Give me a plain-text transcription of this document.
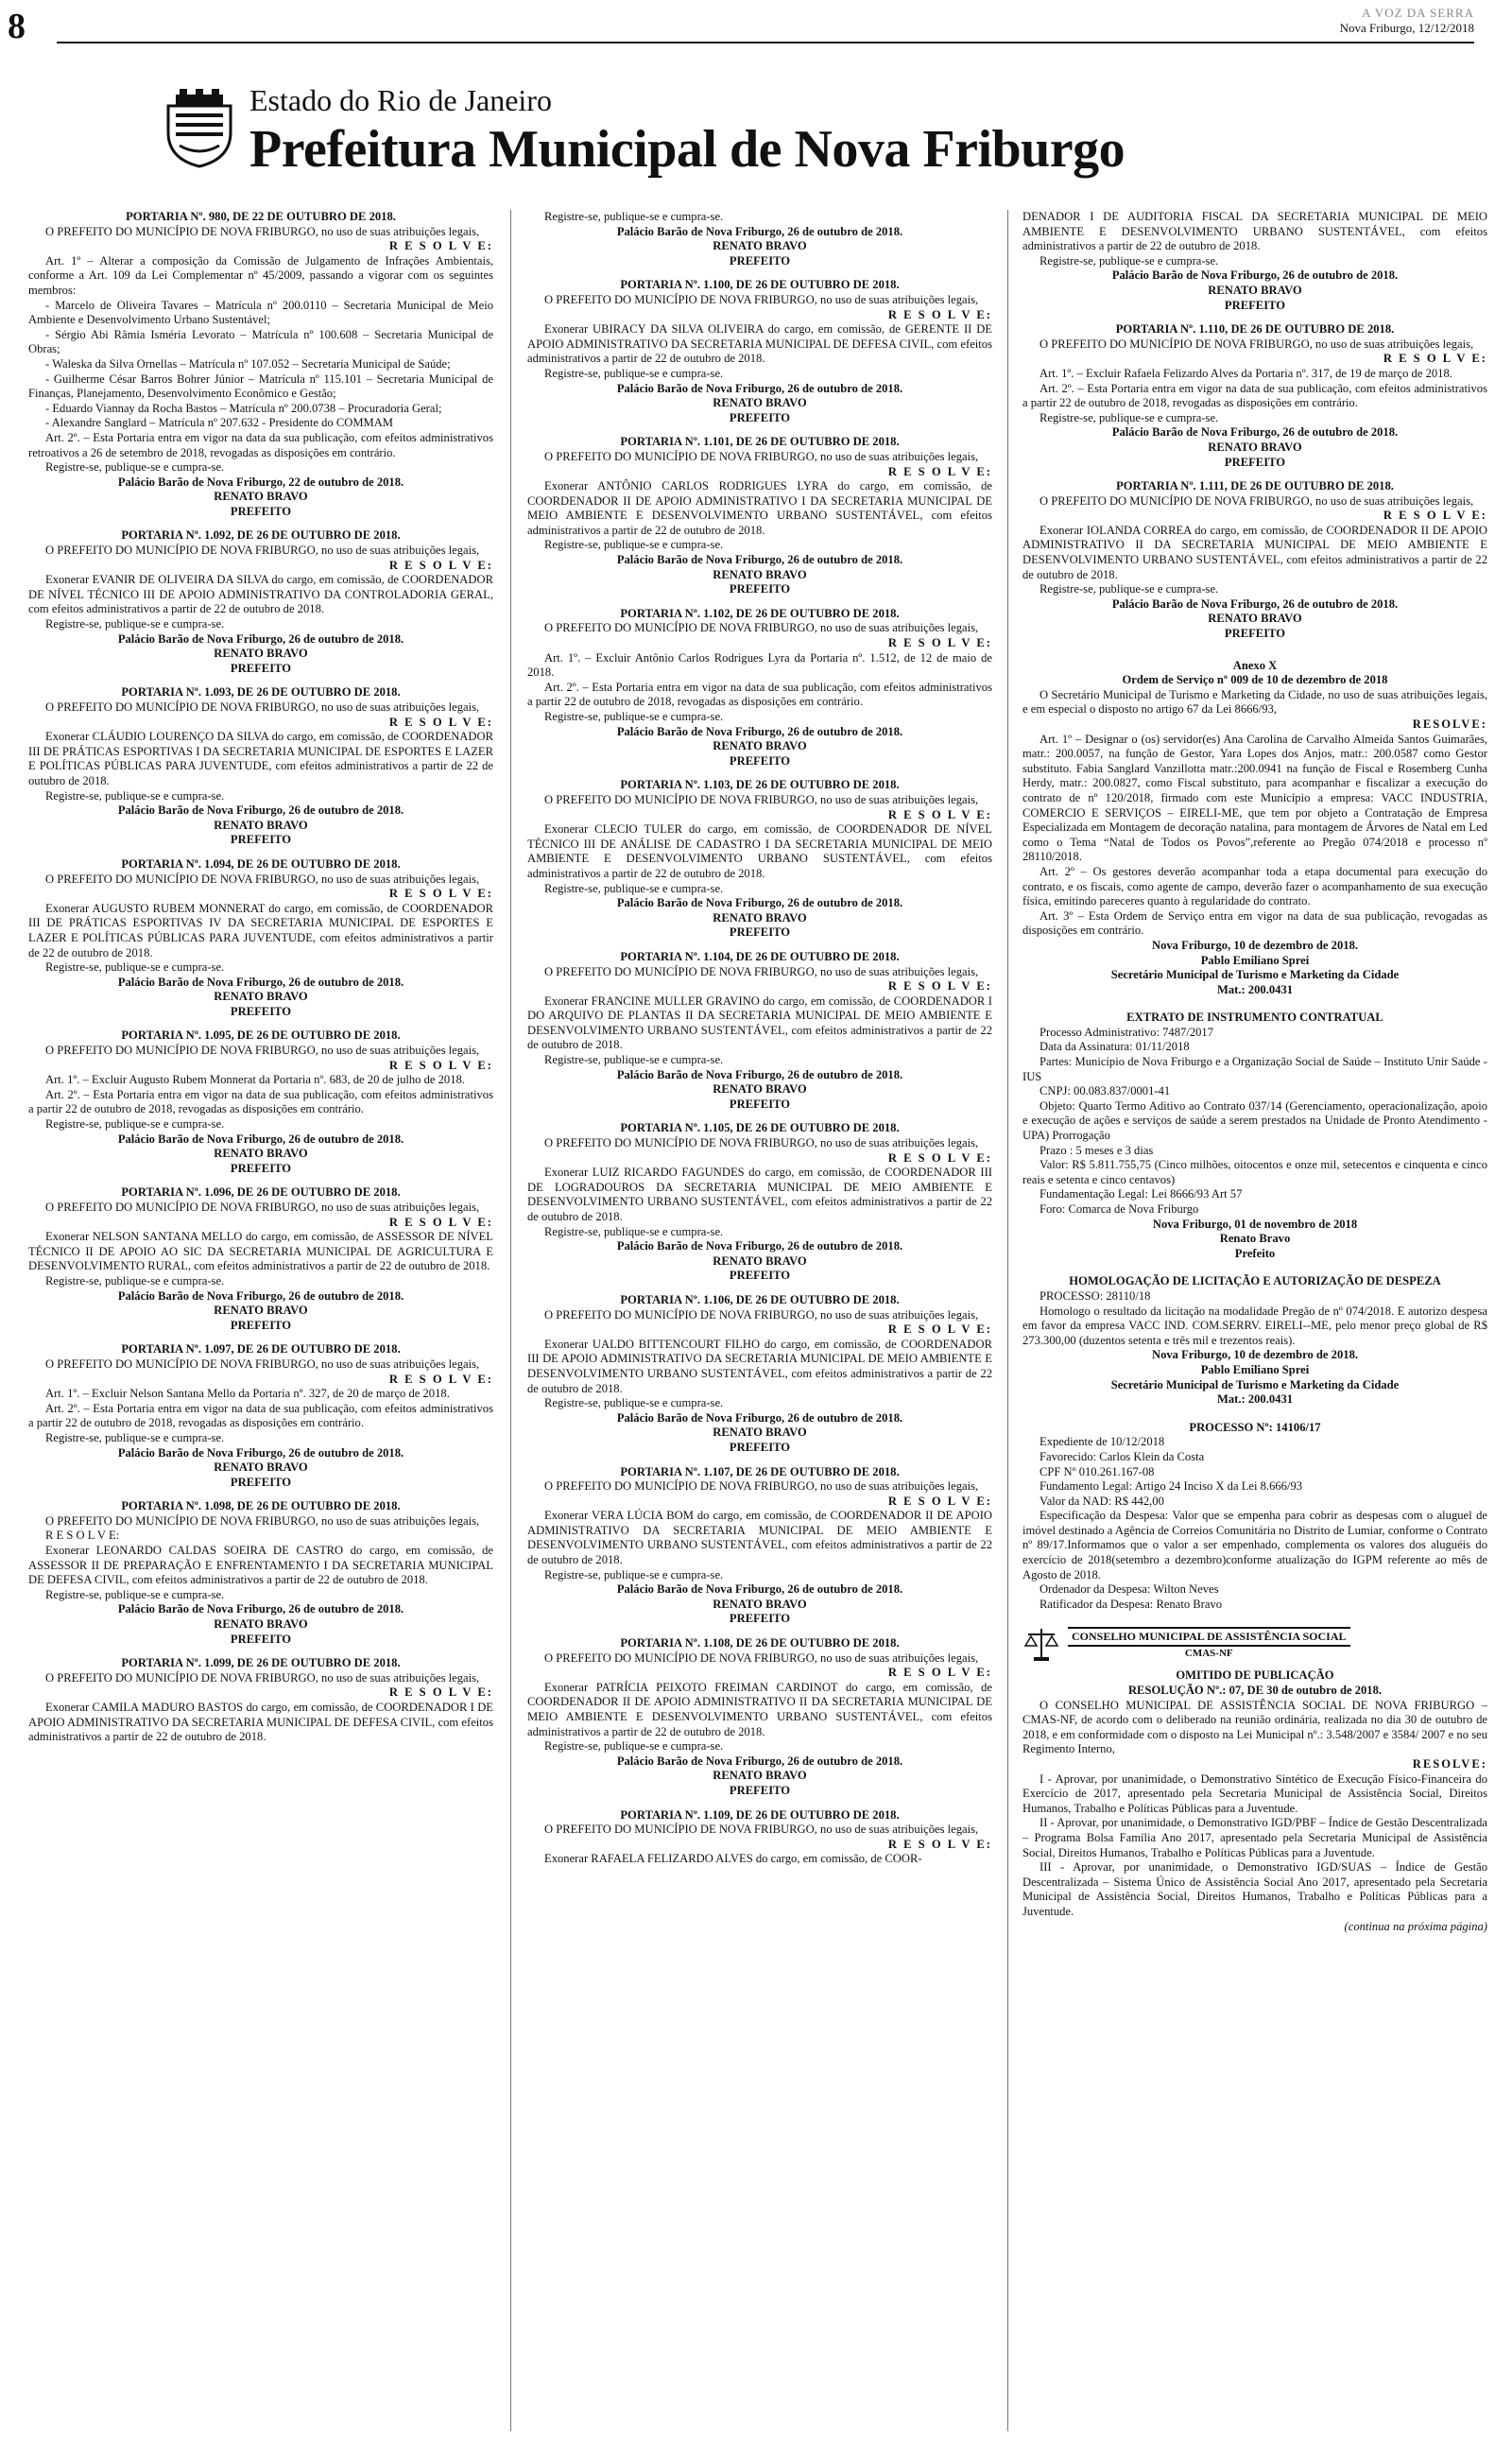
8	A VOZ DA SERRA
Nova Friburgo, 12/12/2018
Estado do Rio de Janeiro
Prefeitura Municipal de Nova Friburgo
PORTARIA Nº. 980, DE 22 DE OUTUBRO DE 2018.
O PREFEITO DO MUNICÍPIO DE NOVA FRIBURGO, no uso de suas atribuições legais,
R E S O L V E:
Art. 1º – Alterar a composição da Comissão de Julgamento de Infrações Ambientais, conforme a Art. 109 da Lei Complementar nº 45/2009, passando a vigorar com os seguintes membros:
- Marcelo de Oliveira Tavares – Matrícula nº 200.0110 – Secretaria Municipal de Meio Ambiente e Desenvolvimento Urbano Sustentável;
- Sérgio Abi Râmia Isméria Levorato – Matrícula nº 100.608 – Secretaria Municipal de Obras;
- Waleska da Silva Ornellas – Matrícula nº 107.052 – Secretaria Municipal de Saúde;
- Guilherme César Barros Bohrer Júnior – Matrícula nº 115.101 – Secretaria Municipal de Finanças, Planejamento, Desenvolvimento Econômico e Gestão;
- Eduardo Viannay da Rocha Bastos – Matrícula nº 200.0738 – Procuradoria Geral;
- Alexandre Sanglard – Matrícula nº 207.632 - Presidente do COMMAM
Art. 2º. – Esta Portaria entra em vigor na data da sua publicação, com efeitos administrativos retroativos a 26 de setembro de 2018, revogadas as disposições em contrário.
Registre-se, publique-se e cumpra-se.
Palácio Barão de Nova Friburgo, 22 de outubro de 2018.
RENATO BRAVO
PREFEITO
PORTARIA Nº. 1.092, DE 26 DE OUTUBRO DE 2018.
O PREFEITO DO MUNICÍPIO DE NOVA FRIBURGO, no uso de suas atribuições legais,
R E S O L V E:
Exonerar EVANIR DE OLIVEIRA DA SILVA do cargo, em comissão, de COORDENADOR DE NÍVEL TÉCNICO III DE APOIO ADMINISTRATIVO DA CONTROLADORIA GERAL, com efeitos administrativos a partir de 22 de outubro de 2018.
Registre-se, publique-se e cumpra-se.
Palácio Barão de Nova Friburgo, 26 de outubro de 2018.
RENATO BRAVO
PREFEITO
PORTARIA Nº. 1.093, DE 26 DE OUTUBRO DE 2018.
O PREFEITO DO MUNICÍPIO DE NOVA FRIBURGO, no uso de suas atribuições legais,
R E S O L V E:
Exonerar CLÁUDIO LOURENÇO DA SILVA do cargo, em comissão, de COORDENADOR III DE PRÁTICAS ESPORTIVAS I DA SECRETARIA MUNICIPAL DE ESPORTES E LAZER E POLÍTICAS PÚBLICAS PARA JUVENTUDE, com efeitos administrativos a partir de 22 de outubro de 2018.
Registre-se, publique-se e cumpra-se.
Palácio Barão de Nova Friburgo, 26 de outubro de 2018.
RENATO BRAVO
PREFEITO
PORTARIA Nº. 1.094, DE 26 DE OUTUBRO DE 2018.
O PREFEITO DO MUNICÍPIO DE NOVA FRIBURGO, no uso de suas atribuições legais,
R E S O L V E:
Exonerar AUGUSTO RUBEM MONNERAT do cargo, em comissão, de COORDENADOR III DE PRÁTICAS ESPORTIVAS IV DA SECRETARIA MUNICIPAL DE ESPORTES E LAZER E POLÍTICAS PÚBLICAS PARA JUVENTUDE, com efeitos administrativos a partir de 22 de outubro de 2018.
Registre-se, publique-se e cumpra-se.
Palácio Barão de Nova Friburgo, 26 de outubro de 2018.
RENATO BRAVO
PREFEITO
PORTARIA Nº. 1.095, DE 26 DE OUTUBRO DE 2018.
O PREFEITO DO MUNICÍPIO DE NOVA FRIBURGO, no uso de suas atribuições legais,
R E S O L V E:
Art. 1º. – Excluir Augusto Rubem Monnerat da Portaria nº. 683, de 20 de julho de 2018.
Art. 2º. – Esta Portaria entra em vigor na data de sua publicação, com efeitos administrativos a partir 22 de outubro de 2018, revogadas as disposições em contrário.
Registre-se, publique-se e cumpra-se.
Palácio Barão de Nova Friburgo, 26 de outubro de 2018.
RENATO BRAVO
PREFEITO
PORTARIA Nº. 1.096, DE 26 DE OUTUBRO DE 2018.
O PREFEITO DO MUNICÍPIO DE NOVA FRIBURGO, no uso de suas atribuições legais,
R E S O L V E:
Exonerar NELSON SANTANA MELLO do cargo, em comissão, de ASSESSOR DE NÍVEL TÉCNICO II DE APOIO AO SIC DA SECRETARIA MUNICIPAL DE AGRICULTURA E DESENVOLVIMENTO RURAL, com efeitos administrativos a partir de 22 de outubro de 2018.
Registre-se, publique-se e cumpra-se.
Palácio Barão de Nova Friburgo, 26 de outubro de 2018.
RENATO BRAVO
PREFEITO
PORTARIA Nº. 1.097, DE 26 DE OUTUBRO DE 2018.
O PREFEITO DO MUNICÍPIO DE NOVA FRIBURGO, no uso de suas atribuições legais,
R E S O L V E:
Art. 1º. – Excluir Nelson Santana Mello da Portaria nº. 327, de 20 de março de 2018.
Art. 2º. – Esta Portaria entra em vigor na data de sua publicação, com efeitos administrativos a partir 22 de outubro de 2018, revogadas as disposições em contrário.
Registre-se, publique-se e cumpra-se.
Palácio Barão de Nova Friburgo, 26 de outubro de 2018.
RENATO BRAVO
PREFEITO
PORTARIA Nº. 1.098, DE 26 DE OUTUBRO DE 2018.
O PREFEITO DO MUNICÍPIO DE NOVA FRIBURGO, no uso de suas atribuições legais,
R E S O L V E:
Exonerar LEONARDO CALDAS SOEIRA DE CASTRO do cargo, em comissão, de ASSESSOR II DE PREPARAÇÃO E ENFRENTAMENTO I DA SECRETARIA MUNICIPAL DE DEFESA CIVIL, com efeitos administrativos a partir de 22 de outubro de 2018.
Registre-se, publique-se e cumpra-se.
Palácio Barão de Nova Friburgo, 26 de outubro de 2018.
RENATO BRAVO
PREFEITO
PORTARIA Nº. 1.099, DE 26 DE OUTUBRO DE 2018.
O PREFEITO DO MUNICÍPIO DE NOVA FRIBURGO, no uso de suas atribuições legais,
R E S O L V E:
Exonerar CAMILA MADURO BASTOS do cargo, em comissão, de COORDENADOR I DE APOIO ADMINISTRATIVO DA SECRETARIA MUNICIPAL DE DEFESA CIVIL, com efeitos administrativos a partir de 22 de outubro de 2018.
Registre-se, publique-se e cumpra-se.
Palácio Barão de Nova Friburgo, 26 de outubro de 2018.
RENATO BRAVO
PREFEITO
PORTARIA Nº. 1.100, DE 26 DE OUTUBRO DE 2018.
O PREFEITO DO MUNICÍPIO DE NOVA FRIBURGO, no uso de suas atribuições legais,
R E S O L V E:
Exonerar UBIRACY DA SILVA OLIVEIRA do cargo, em comissão, de GERENTE II DE APOIO ADMINISTRATIVO DA SECRETARIA MUNICIPAL DE DEFESA CIVIL, com efeitos administrativos a partir de 22 de outubro de 2018.
Registre-se, publique-se e cumpra-se.
Palácio Barão de Nova Friburgo, 26 de outubro de 2018.
RENATO BRAVO
PREFEITO
PORTARIA Nº. 1.101, DE 26 DE OUTUBRO DE 2018.
O PREFEITO DO MUNICÍPIO DE NOVA FRIBURGO, no uso de suas atribuições legais,
R E S O L V E:
Exonerar ANTÔNIO CARLOS RODRIGUES LYRA do cargo, em comissão, de COORDENADOR II DE APOIO ADMINISTRATIVO I DA SECRETARIA MUNICIPAL DE MEIO AMBIENTE E DESENVOLVIMENTO URBANO SUSTENTÁVEL, com efeitos administrativos a partir de 22 de outubro de 2018.
Registre-se, publique-se e cumpra-se.
Palácio Barão de Nova Friburgo, 26 de outubro de 2018.
RENATO BRAVO
PREFEITO
PORTARIA Nº. 1.102, DE 26 DE OUTUBRO DE 2018.
O PREFEITO DO MUNICÍPIO DE NOVA FRIBURGO, no uso de suas atribuições legais,
R E S O L V E:
Art. 1º. – Excluir Antônio Carlos Rodrigues Lyra da Portaria nº. 1.512, de 12 de maio de 2018.
Art. 2º. – Esta Portaria entra em vigor na data de sua publicação, com efeitos administrativos a partir 22 de outubro de 2018, revogadas as disposições em contrário.
Registre-se, publique-se e cumpra-se.
Palácio Barão de Nova Friburgo, 26 de outubro de 2018.
RENATO BRAVO
PREFEITO
PORTARIA Nº. 1.103, DE 26 DE OUTUBRO DE 2018.
O PREFEITO DO MUNICÍPIO DE NOVA FRIBURGO, no uso de suas atribuições legais,
R E S O L V E:
Exonerar CLECIO TULER do cargo, em comissão, de COORDENADOR DE NÍVEL TÉCNICO III DE ANÁLISE DE CADASTRO I DA SECRETARIA MUNICIPAL DE MEIO AMBIENTE E DESENVOLVIMENTO URBANO SUSTENTÁVEL, com efeitos administrativos a partir de 22 de outubro de 2018.
Registre-se, publique-se e cumpra-se.
Palácio Barão de Nova Friburgo, 26 de outubro de 2018.
RENATO BRAVO
PREFEITO
PORTARIA Nº. 1.104, DE 26 DE OUTUBRO DE 2018.
O PREFEITO DO MUNICÍPIO DE NOVA FRIBURGO, no uso de suas atribuições legais,
R E S O L V E:
Exonerar FRANCINE MULLER GRAVINO do cargo, em comissão, de COORDENADOR I DO ARQUIVO DE PLANTAS II DA SECRETARIA MUNICIPAL DE MEIO AMBIENTE E DESENVOLVIMENTO URBANO SUSTENTÁVEL, com efeitos administrativos a partir de 22 de outubro de 2018.
Registre-se, publique-se e cumpra-se.
Palácio Barão de Nova Friburgo, 26 de outubro de 2018.
RENATO BRAVO
PREFEITO
PORTARIA Nº. 1.105, DE 26 DE OUTUBRO DE 2018.
O PREFEITO DO MUNICÍPIO DE NOVA FRIBURGO, no uso de suas atribuições legais,
R E S O L V E:
Exonerar LUIZ RICARDO FAGUNDES do cargo, em comissão, de COORDENADOR III DE LOGRADOUROS DA SECRETARIA MUNICIPAL DE MEIO AMBIENTE E DESENVOLVIMENTO URBANO SUSTENTÁVEL, com efeitos administrativos a partir de 22 de outubro de 2018.
Registre-se, publique-se e cumpra-se.
Palácio Barão de Nova Friburgo, 26 de outubro de 2018.
RENATO BRAVO
PREFEITO
PORTARIA Nº. 1.106, DE 26 DE OUTUBRO DE 2018.
O PREFEITO DO MUNICÍPIO DE NOVA FRIBURGO, no uso de suas atribuições legais,
R E S O L V E:
Exonerar UALDO BITTENCOURT FILHO do cargo, em comissão, de COORDENADOR III DE APOIO ADMINISTRATIVO DA SECRETARIA MUNICIPAL DE MEIO AMBIENTE E DESENVOLVIMENTO URBANO SUSTENTÁVEL, com efeitos administrativos a partir de 22 de outubro de 2018.
Registre-se, publique-se e cumpra-se.
Palácio Barão de Nova Friburgo, 26 de outubro de 2018.
RENATO BRAVO
PREFEITO
PORTARIA Nº. 1.107, DE 26 DE OUTUBRO DE 2018.
O PREFEITO DO MUNICÍPIO DE NOVA FRIBURGO, no uso de suas atribuições legais,
R E S O L V E:
Exonerar VERA LÚCIA BOM do cargo, em comissão, de COORDENADOR II DE APOIO ADMINISTRATIVO DA SECRETARIA MUNICIPAL DE MEIO AMBIENTE E DESENVOLVIMENTO URBANO SUSTENTÁVEL, com efeitos administrativos a partir de 22 de outubro de 2018.
Registre-se, publique-se e cumpra-se.
Palácio Barão de Nova Friburgo, 26 de outubro de 2018.
RENATO BRAVO
PREFEITO
PORTARIA Nº. 1.108, DE 26 DE OUTUBRO DE 2018.
O PREFEITO DO MUNICÍPIO DE NOVA FRIBURGO, no uso de suas atribuições legais,
R E S O L V E:
Exonerar PATRÍCIA PEIXOTO FREIMAN CARDINOT do cargo, em comissão, de COORDENADOR II DE APOIO ADMINISTRATIVO II DA SECRETARIA MUNICIPAL DE MEIO AMBIENTE E DESENVOLVIMENTO URBANO SUSTENTÁVEL, com efeitos administrativos a partir de 22 de outubro de 2018.
Registre-se, publique-se e cumpra-se.
Palácio Barão de Nova Friburgo, 26 de outubro de 2018.
RENATO BRAVO
PREFEITO
PORTARIA Nº. 1.109, DE 26 DE OUTUBRO DE 2018.
O PREFEITO DO MUNICÍPIO DE NOVA FRIBURGO, no uso de suas atribuições legais,
R E S O L V E:
Exonerar RAFAELA FELIZARDO ALVES do cargo, em comissão, de COOR-
DENADOR I DE AUDITORIA FISCAL DA SECRETARIA MUNICIPAL DE MEIO AMBIENTE E DESENVOLVIMENTO URBANO SUSTENTÁVEL, com efeitos administrativos a partir de 22 de outubro de 2018.
Registre-se, publique-se e cumpra-se.
Palácio Barão de Nova Friburgo, 26 de outubro de 2018.
RENATO BRAVO
PREFEITO
PORTARIA Nº. 1.110, DE 26 DE OUTUBRO DE 2018.
O PREFEITO DO MUNICÍPIO DE NOVA FRIBURGO, no uso de suas atribuições legais,
R E S O L V E:
Art. 1º. – Excluir Rafaela Felizardo Alves da Portaria nº. 317, de 19 de março de 2018.
Art. 2º. – Esta Portaria entra em vigor na data de sua publicação, com efeitos administrativos a partir 22 de outubro de 2018, revogadas as disposições em contrário.
Registre-se, publique-se e cumpra-se.
Palácio Barão de Nova Friburgo, 26 de outubro de 2018.
RENATO BRAVO
PREFEITO
PORTARIA Nº. 1.111, DE 26 DE OUTUBRO DE 2018.
O PREFEITO DO MUNICÍPIO DE NOVA FRIBURGO, no uso de suas atribuições legais,
R E S O L V E:
Exonerar IOLANDA CORREA do cargo, em comissão, de COORDENADOR II DE APOIO ADMINISTRATIVO II DA SECRETARIA MUNICIPAL DE MEIO AMBIENTE E DESENVOLVIMENTO URBANO SUSTENTÁVEL, com efeitos administrativos a partir de 22 de outubro de 2018.
Registre-se, publique-se e cumpra-se.
Palácio Barão de Nova Friburgo, 26 de outubro de 2018.
RENATO BRAVO
PREFEITO
Anexo X
Ordem de Serviço nº 009 de 10 de dezembro de 2018
O Secretário Municipal de Turismo e Marketing da Cidade, no uso de suas atribuições legais, e em especial o disposto no artigo 67 da Lei 8666/93,
RESOLVE:
Art. 1º – Designar o (os) servidor(es) Ana Carolina de Carvalho Almeida Santos Guimarães, matr.: 200.0057, na função de Gestor, Yara Lopes dos Anjos, matr.: 200.0587 como Gestor substituto. Fabia Sanglard Vanzillotta matr.:200.0941 na função de Fiscal e Rosemberg Cunha Herdy, matr.: 200.0827, como Fiscal substituto, para acompanhar e fiscalizar a execução do contrato de nº 120/2018, firmado com este Município a empresa: VACC INDUSTRIA, COMERCIO E SERVIÇOS – EIRELI-ME, que tem por objeto a Contratação de Empresa Especializada em Montagem de decoração natalina, para montagem de Árvores de Natal em Led como o Tema “Natal de Todos os Povos”,referente ao Pregão 074/2018 e processo nº 28110/2018.
Art. 2º – Os gestores deverão acompanhar toda a etapa documental para execução do contrato, e os fiscais, como agente de campo, deverão fazer o acompanhamento de sua execução física, emitindo pareceres quanto à regularidade do contrato.
Art. 3º – Esta Ordem de Serviço entra em vigor na data de sua publicação, revogadas as disposições em contrário.
Nova Friburgo, 10 de dezembro de 2018.
Pablo Emiliano Sprei
Secretário Municipal de Turismo e Marketing da Cidade
Mat.: 200.0431
EXTRATO DE INSTRUMENTO CONTRATUAL
Processo Administrativo: 7487/2017
Data da Assinatura: 01/11/2018
Partes: Município de Nova Friburgo e a Organização Social de Saúde – Instituto Unir Saúde - IUS
CNPJ: 00.083.837/0001-41
Objeto: Quarto Termo Aditivo ao Contrato 037/14 (Gerenciamento, operacionalização, apoio e execução de ações e serviços de saúde a serem prestados na Unidade de Pronto Atendimento - UPA) Prorrogação
Prazo : 5 meses e 3 dias
Valor: R$ 5.811.755,75 (Cinco milhões, oitocentos e onze mil, setecentos e cinquenta e cinco reais e setenta e cinco centavos)
Fundamentação Legal: Lei 8666/93 Art 57
Foro: Comarca de Nova Friburgo
Nova Friburgo, 01 de novembro de 2018
Renato Bravo
Prefeito
HOMOLOGAÇÃO DE LICITAÇÃO E AUTORIZAÇÃO DE DESPEZA
PROCESSO: 28110/18
Homologo o resultado da licitação na modalidade Pregão de nº 074/2018. E autorizo despesa em favor da empresa VACC IND. COM.SERRV. EIRELI--ME, pelo menor preço global de R$ 273.300,00 (duzentos setenta e três mil e trezentos reais).
Nova Friburgo, 10 de dezembro de 2018.
Pablo Emiliano Sprei
Secretário Municipal de Turismo e Marketing da Cidade
Mat.: 200.0431
PROCESSO Nº: 14106/17
Expediente de 10/12/2018
Favorecido: Carlos Klein da Costa
CPF Nº 010.261.167-08
Fundamento Legal: Artigo 24 Inciso X da Lei 8.666/93
Valor da NAD: R$ 442,00
Especificação da Despesa: Valor que se empenha para cobrir as despesas com o aluguel de imóvel destinado a Agência de Correios Comunitária no Distrito de Lumiar, conforme o Contrato nº 89/17.Informamos que o valor a ser empenhado, complementa os valores dos aluguéis do exercício de 2018(setembro a dezembro)conforme atualização do IGPM referente ao mês de Agosto de 2018.
Ordenador da Despesa: Wilton Neves
Ratificador da Despesa: Renato Bravo
CONSELHO MUNICIPAL DE ASSISTÊNCIA SOCIAL
CMAS-NF
OMITIDO DE PUBLICAÇÃO
RESOLUÇÃO Nº.: 07, DE 30 de outubro de 2018.
O CONSELHO MUNICIPAL DE ASSISTÊNCIA SOCIAL DE NOVA FRIBURGO – CMAS-NF, de acordo com o deliberado na reunião ordinária, realizada no dia 30 de outubro de 2018, e em conformidade com o disposto na Lei Municipal nº.: 3.548/2007 e 3584/ 2007 e no seu Regimento Interno,
RESOLVE:
I - Aprovar, por unanimidade, o Demonstrativo Sintético de Execução Físico-Financeira do Exercício de 2017, apresentado pela Secretaria Municipal de Assistência Social, Direitos Humanos, Trabalho e Políticas Públicas para a Juventude.
II - Aprovar, por unanimidade, o Demonstrativo IGD/PBF – Índice de Gestão Descentralizada – Programa Bolsa Família Ano 2017, apresentado pela Secretaria Municipal de Assistência Social, Direitos Humanos, Trabalho e Políticas Públicas para a Juventude.
III - Aprovar, por unanimidade, o Demonstrativo IGD/SUAS – Índice de Gestão Descentralizada – Sistema Único de Assistência Social Ano 2017, apresentado pela Secretaria Municipal de Assistência Social, Direitos Humanos, Trabalho e Políticas Públicas para a Juventude.
(continua na próxima página)
